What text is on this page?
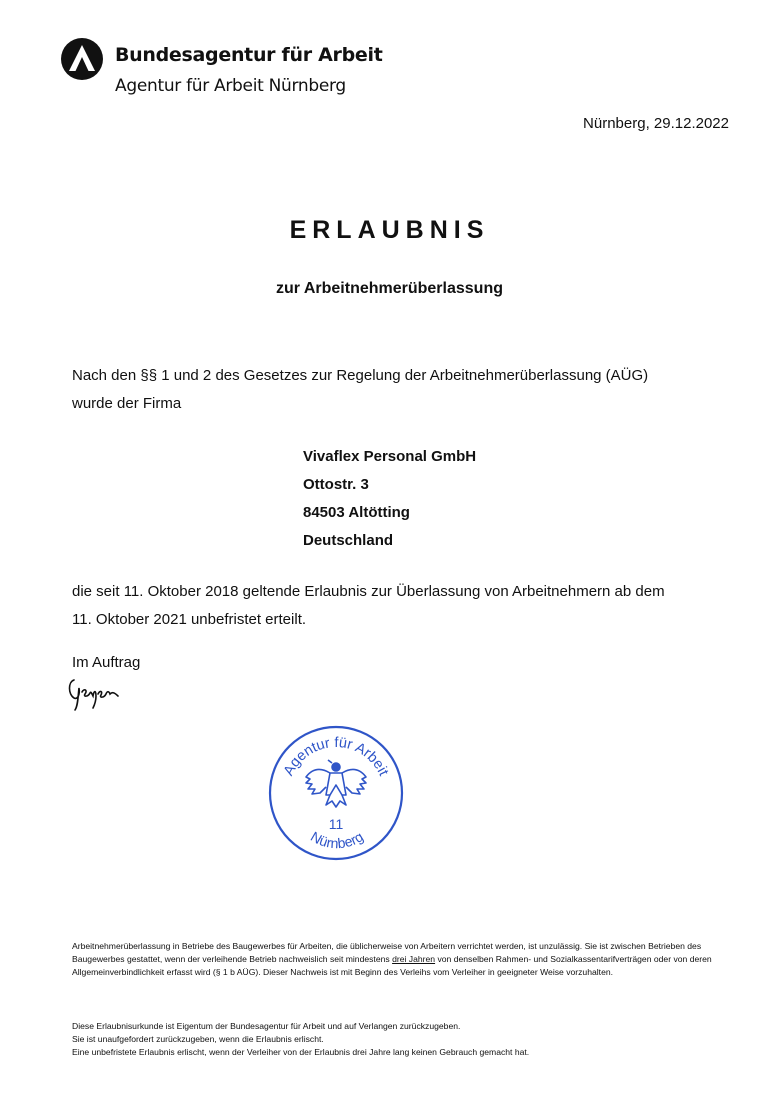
Bundesagentur für Arbeit
Agentur für Arbeit Nürnberg
Nürnberg, 29.12.2022
ERLAUBNIS
zur Arbeitnehmerüberlassung

Nach den §§ 1 und 2 des Gesetzes zur Regelung der Arbeitnehmerüberlassung (AÜG)

wurde der Firma

Vivaflex Personal GmbH
Ottostr. 3
84503 Altötting
Deutschland

die seit 11. Oktober 2018 geltende Erlaubnis zur Überlassung von Arbeitnehmern ab dem

11. Oktober 2021 unbefristet erteilt.

Im Auftrag
Agentur für Arbeit
11
Nürnberg

Arbeitnehmerüberlassung in Betriebe des Baugewerbes für Arbeiten, die üblicherweise von Arbeitern verrichtet werden, ist unzulässig. Sie ist zwischen Betrieben des Baugewerbes gestattet, wenn der verleihende Betrieb nachweislich seit mindestens drei Jahren von denselben Rahmen- und Sozialkassentarifverträgen oder von deren Allgemeinverbindlichkeit erfasst wird (§ 1 b AÜG). Dieser Nachweis ist mit Beginn des Verleihs vom Verleiher in geeigneter Weise vorzuhalten.

Diese Erlaubnisurkunde ist Eigentum der Bundesagentur für Arbeit und auf Verlangen zurückzugeben.

Sie ist unaufgefordert zurückzugeben, wenn die Erlaubnis erlischt.

Eine unbefristete Erlaubnis erlischt, wenn der Verleiher von der Erlaubnis drei Jahre lang keinen Gebrauch gemacht hat.
